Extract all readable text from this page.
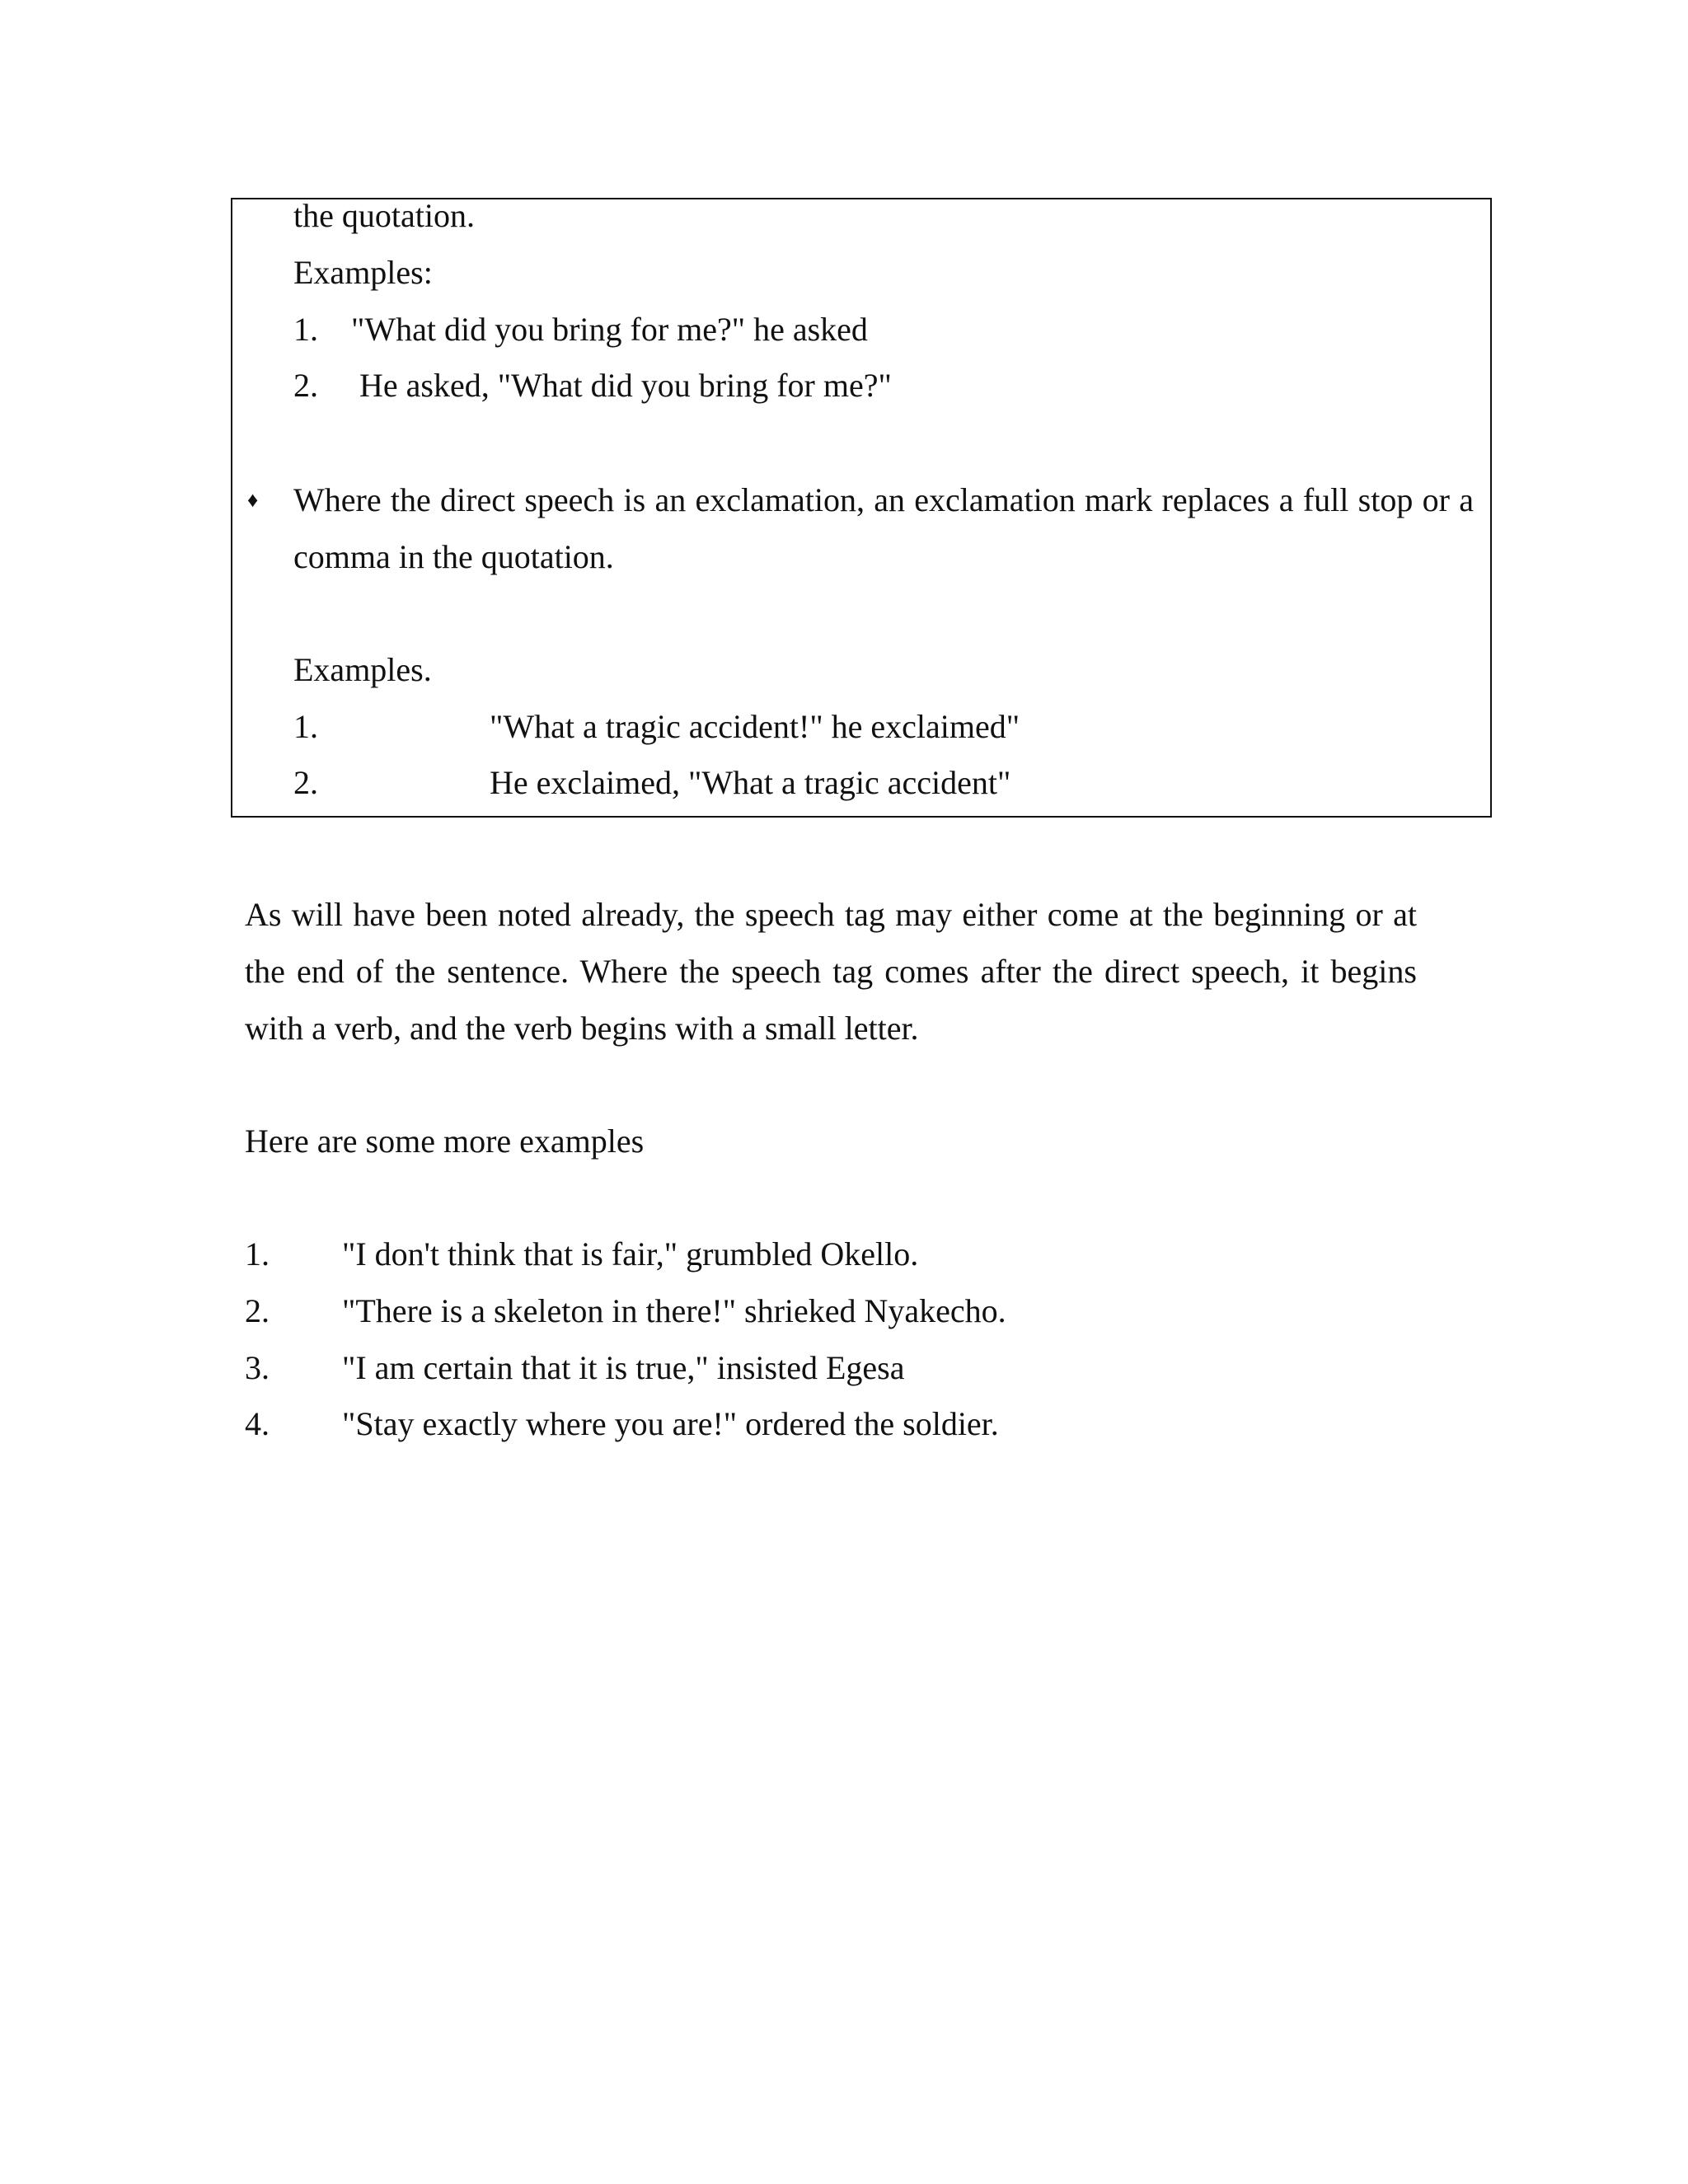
the quotation.
Examples:
1. "What did you bring for me?" he asked
2. He asked, "What did you bring for me?"
♦ Where the direct speech is an exclamation, an exclamation mark replaces a full stop or a
comma in the quotation.
Examples.
1.	"What a tragic accident!" he exclaimed"
2.	He exclaimed, "What a tragic accident"
As will have been noted already, the speech tag may either come at the beginning or at
the end of the sentence. Where the speech tag comes after the direct speech, it begins
with a verb, and the verb begins with a small letter.
Here are some more examples
1. "I don't think that is fair," grumbled Okello.
2. "There is a skeleton in there!" shrieked Nyakecho.
3. "I am certain that it is true," insisted Egesa
4. "Stay exactly where you are!" ordered the soldier.
